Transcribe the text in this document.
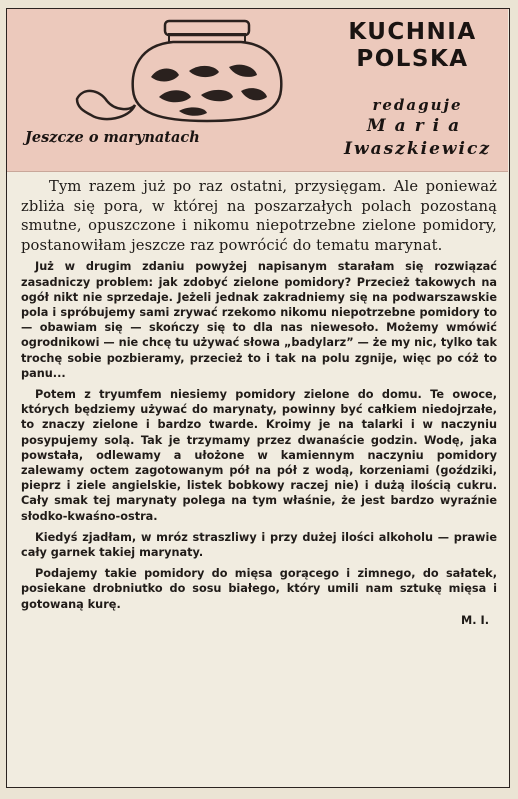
KUCHNIA
POLSKA
redaguje
Maria
Iwaszkiewicz
Jeszcze o marynatach

Tym razem już po raz ostatni, przysięgam. Ale ponieważ zbliża się pora, w której na poszarzałych polach pozostaną smutne, opuszczone i nikomu niepotrzebne zielone pomidory, postanowiłam jeszcze raz powrócić do tematu marynat.

Już w drugim zdaniu powyżej napisanym starałam się rozwiązać zasadniczy problem: jak zdobyć zielone pomidory? Przecież takowych na ogół nikt nie sprzedaje. Jeżeli jednak zakradniemy się na podwarszawskie pola i spróbujemy sami zrywać rzekomo nikomu niepotrzebne pomidory to — obawiam się — skończy się to dla nas niewesoło. Możemy wmówić ogrodnikowi — nie chcę tu używać słowa „badylarz” — że my nic, tylko tak trochę sobie pozbieramy, przecież to i tak na polu zgnije, więc po cóż to panu...

Potem z tryumfem niesiemy pomidory zielone do domu. Te owoce, których będziemy używać do marynaty, powinny być całkiem niedojrzałe, to znaczy zielone i bardzo twarde. Kroimy je na talarki i w naczyniu posypujemy solą. Tak je trzymamy przez dwanaście godzin. Wodę, jaka powstała, odlewamy a ułożone w kamiennym naczyniu pomidory zalewamy octem zagotowanym pół na pół z wodą, korzeniami (goździki, pieprz i ziele angielskie, listek bobkowy raczej nie) i dużą ilością cukru. Cały smak tej marynaty polega na tym właśnie, że jest bardzo wyraźnie słodko-kwaśno-ostra.

Kiedyś zjadłam, w mróz straszliwy i przy dużej ilości alkoholu — prawie cały garnek takiej marynaty.

Podajemy takie pomidory do mięsa gorącego i zimnego, do sałatek, posiekane drobniutko do sosu białego, który umili nam sztukę mięsa i gotowaną kurę.

M. I.
